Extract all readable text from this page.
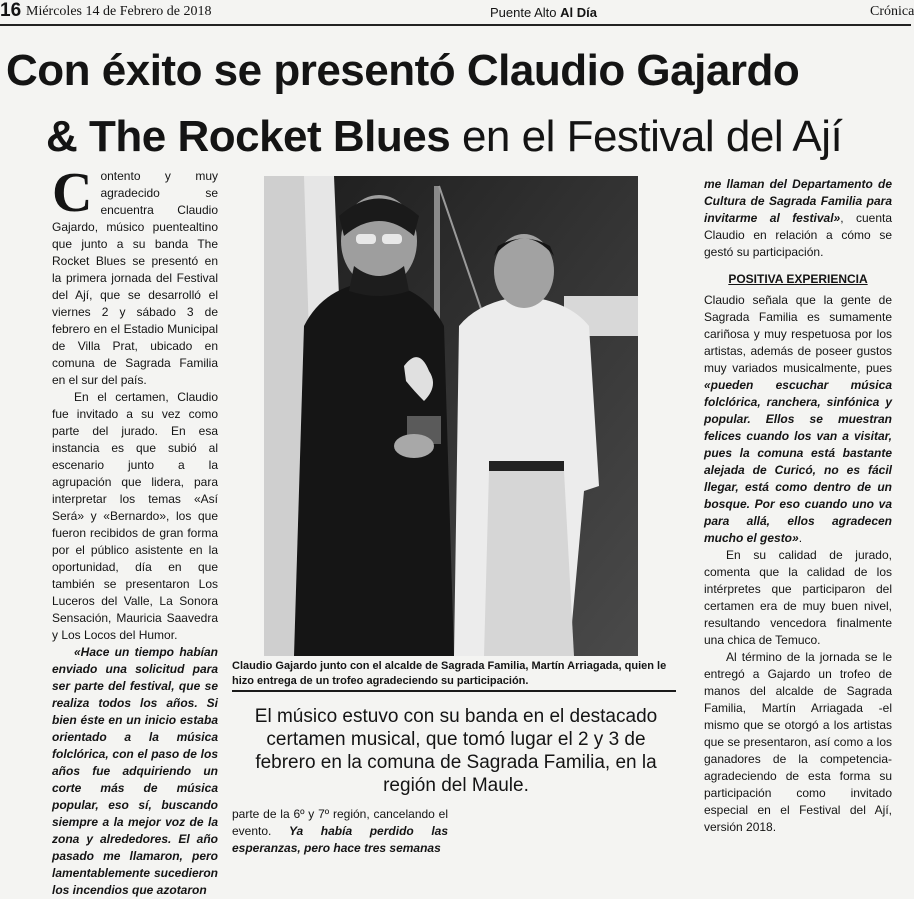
16 Miércoles 14 de Febrero de 2018	Puente Alto Al Día	Crónica
Con éxito se presentó Claudio Gajardo
& The Rocket Blues en el Festival del Ají

Contento y muy agradecido se encuentra Claudio Gajardo, músico puentealtino que junto a su banda The Rocket Blues se presentó en la primera jornada del Festival del Ají, que se desarrolló el viernes 2 y sábado 3 de febrero en el Estadio Municipal de Villa Prat, ubicado en comuna de Sagrada Familia en el sur del país.

En el certamen, Claudio fue invitado a su vez como parte del jurado. En esa instancia es que subió al escenario junto a la agrupación que lidera, para interpretar los temas «Así Será» y «Bernardo», los que fueron recibidos de gran forma por el público asistente en la oportunidad, día en que también se presentaron Los Luceros del Valle, La Sonora Sensación, Mauricia Saavedra y Los Locos del Humor.

«Hace un tiempo habían enviado una solicitud para ser parte del festival, que se realiza todos los años. Si bien éste en un inicio estaba orientado a la música folclórica, con el paso de los años fue adquiriendo un corte más de música popular, eso sí, buscando siempre a la mejor voz de la zona y alrededores. El año pasado me llamaron, pero lamentablemente sucedieron los incendios que azotaron

Claudio Gajardo junto con el alcalde de Sagrada Familia, Martín Arriagada, quien le hizo entrega de un trofeo agradeciendo su participación.
El músico estuvo con su banda en el destacado certamen musical, que tomó lugar el 2 y 3 de febrero en la comuna de Sagrada Familia, en la región del Maule.

parte de la 6º y 7º región, cancelando el evento. Ya había perdido las esperanzas, pero hace tres semanas

me llaman del Departamento de Cultura de Sagrada Familia para invitarme al festival», cuenta Claudio en relación a cómo se gestó su participación.

POSITIVA EXPERIENCIA

Claudio señala que la gente de Sagrada Familia es sumamente cariñosa y muy respetuosa por los artistas, además de poseer gustos muy variados musicalmente, pues «pueden escuchar música folclórica, ranchera, sinfónica y popular. Ellos se muestran felices cuando los van a visitar, pues la comuna está bastante alejada de Curicó, no es fácil llegar, está como dentro de un bosque. Por eso cuando uno va para allá, ellos agradecen mucho el gesto».

En su calidad de jurado, comenta que la calidad de los intérpretes que participaron del certamen era de muy buen nivel, resultando vencedora finalmente una chica de Temuco.

Al término de la jornada se le entregó a Gajardo un trofeo de manos del alcalde de Sagrada Familia, Martín Arriagada -el mismo que se otorgó a los artistas que se presentaron, así como a los ganadores de la competencia- agradeciendo de esta forma su participación como invitado especial en el Festival del Ají, versión 2018.
